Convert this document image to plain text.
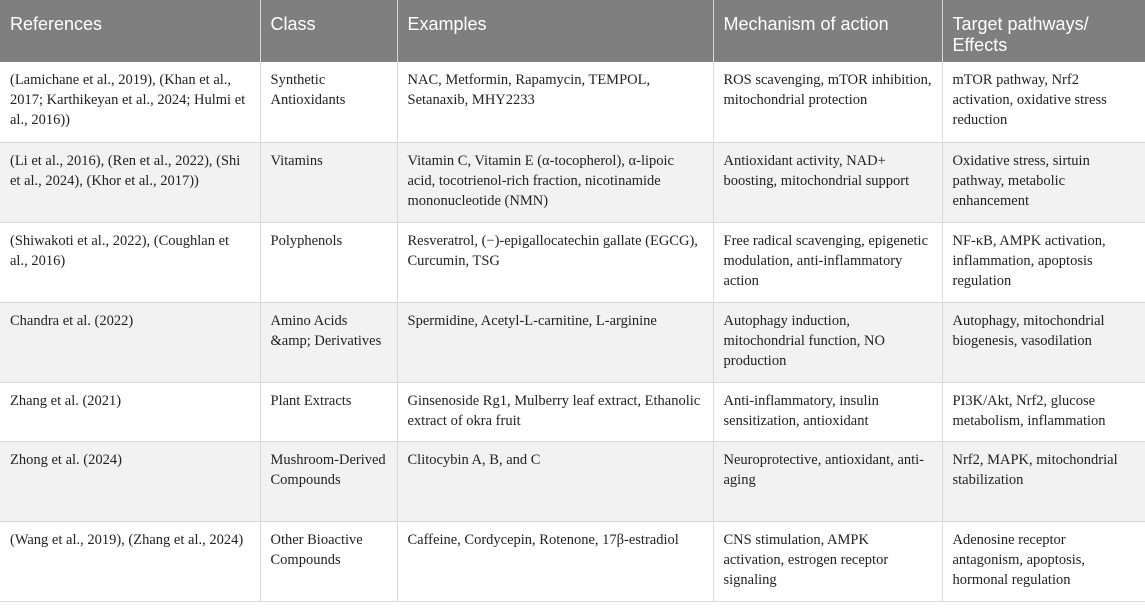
References	Class	Examples	Mechanism of action	Target pathways/ Effects
(Lamichane et al., 2019), (Khan et al., 2017; Karthikeyan et al., 2024; Hulmi et al., 2016))	Synthetic Antioxidants	NAC, Metformin, Rapamycin, TEMPOL, Setanaxib, MHY2233	ROS scavenging, mTOR inhibition, mitochondrial protection	mTOR pathway, Nrf2 activation, oxidative stress reduction
(Li et al., 2016), (Ren et al., 2022), (Shi et al., 2024), (Khor et al., 2017))	Vitamins	Vitamin C, Vitamin E (α-tocopherol), α-lipoic acid, tocotrienol-rich fraction, nicotinamide mononucleotide (NMN)	Antioxidant activity, NAD+ boosting, mitochondrial support	Oxidative stress, sirtuin pathway, metabolic enhancement
(Shiwakoti et al., 2022), (Coughlan et al., 2016)	Polyphenols	Resveratrol, (−)-epigallocatechin gallate (EGCG), Curcumin, TSG	Free radical scavenging, epigenetic modulation, anti-inflammatory action	NF-κB, AMPK activation, inflammation, apoptosis regulation
Chandra et al. (2022)	Amino Acids &amp; Derivatives	Spermidine, Acetyl-L-carnitine, L-arginine	Autophagy induction, mitochondrial function, NO production	Autophagy, mitochondrial biogenesis, vasodilation
Zhang et al. (2021)	Plant Extracts	Ginsenoside Rg1, Mulberry leaf extract, Ethanolic extract of okra fruit	Anti-inflammatory, insulin sensitization, antioxidant	PI3K/Akt, Nrf2, glucose metabolism, inflammation
Zhong et al. (2024)	Mushroom-Derived Compounds	Clitocybin A, B, and C	Neuroprotective, antioxidant, anti-aging	Nrf2, MAPK, mitochondrial stabilization
(Wang et al., 2019), (Zhang et al., 2024)	Other Bioactive Compounds	Caffeine, Cordycepin, Rotenone, 17β-estradiol	CNS stimulation, AMPK activation, estrogen receptor signaling	Adenosine receptor antagonism, apoptosis, hormonal regulation
